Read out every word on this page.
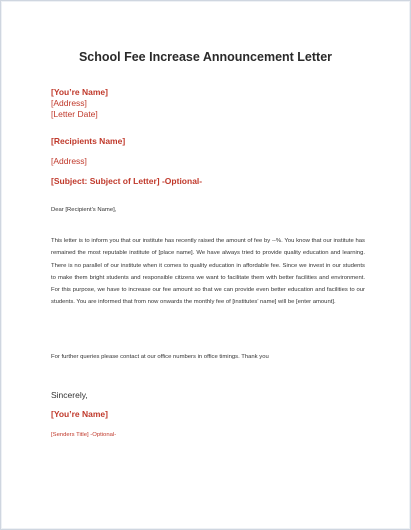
School Fee Increase Announcement Letter
[You’re Name]
[Address]
[Letter Date]
[Recipients Name]
[Address]
[Subject: Subject of Letter] -Optional-
Dear [Recipient’s Name],
This letter is to inform you that our institute has recently raised the amount of fee by --%. You know that our institute has remained the most reputable institute of [place name]. We have always tried to provide quality education and learning. There is no parallel of our institute when it comes to quality education in affordable fee. Since we invest in our students to make them bright students and responsible citizens we want to facilitate them with better facilities and environment. For this purpose, we have to increase our fee amount so that we can provide even better education and facilities to our students. You are informed that from now onwards the monthly fee of [institutes’ name] will be [enter amount].
For further queries please contact at our office numbers in office timings. Thank you
Sincerely,
[You’re Name]
[Senders Title] -Optional-
